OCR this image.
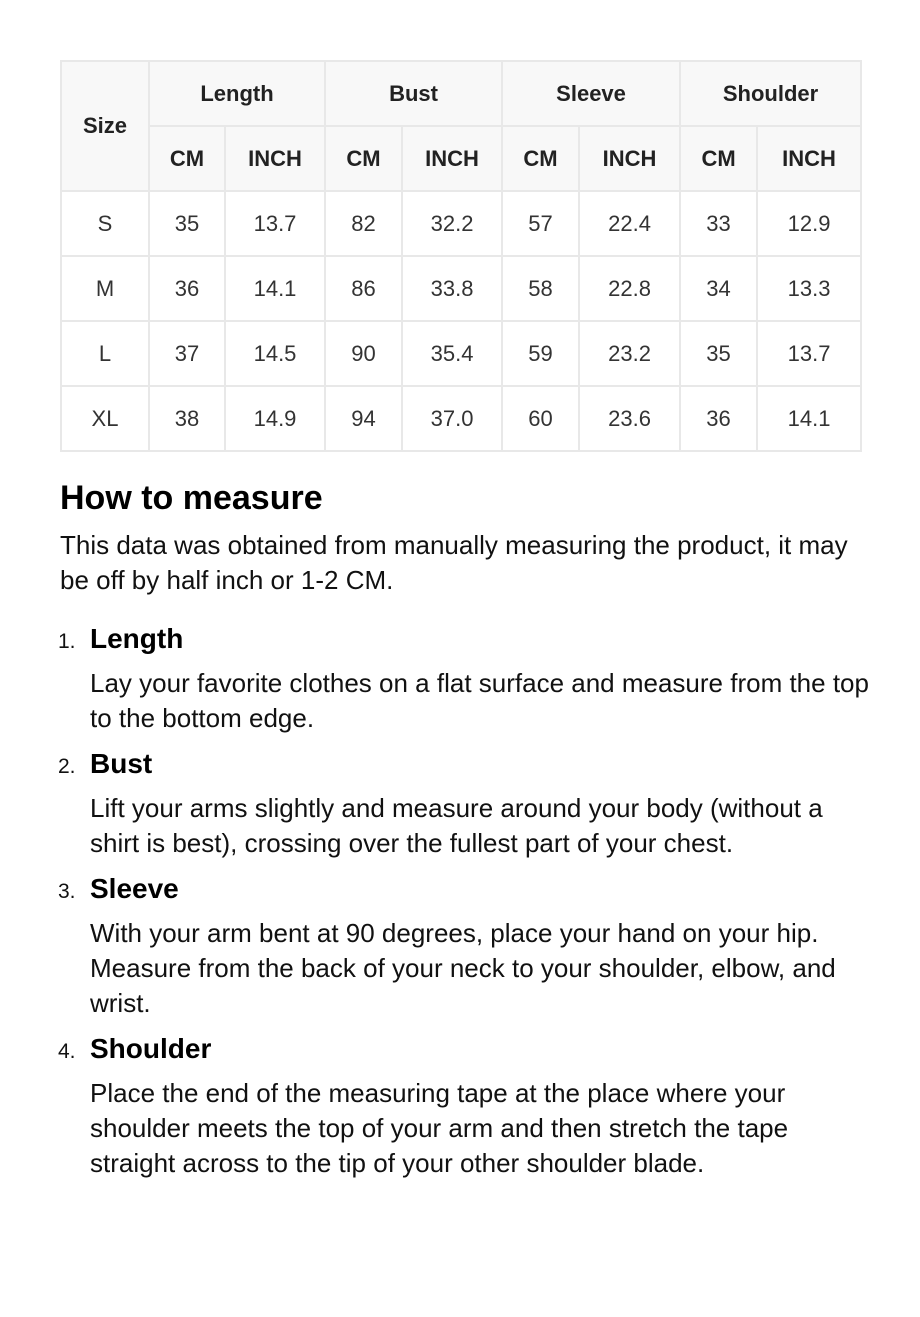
Size	Length		Bust		Sleeve		Shoulder	
	CM	INCH	CM	INCH	CM	INCH	CM	INCH
S	35	13.7	82	32.2	57	22.4	33	12.9
M	36	14.1	86	33.8	58	22.8	34	13.3
L	37	14.5	90	35.4	59	23.2	35	13.7
XL	38	14.9	94	37.0	60	23.6	36	14.1
How to measure

This data was obtained from manually measuring the product, it may be off by half inch or 1-2 CM.

1. Length
Lay your favorite clothes on a flat surface and measure from the top to the bottom edge.
2. Bust
Lift your arms slightly and measure around your body (without a shirt is best), crossing over the fullest part of your chest.
3. Sleeve
With your arm bent at 90 degrees, place your hand on your hip. Measure from the back of your neck to your shoulder, elbow, and wrist.
4. Shoulder
Place the end of the measuring tape at the place where your shoulder meets the top of your arm and then stretch the tape straight across to the tip of your other shoulder blade.
